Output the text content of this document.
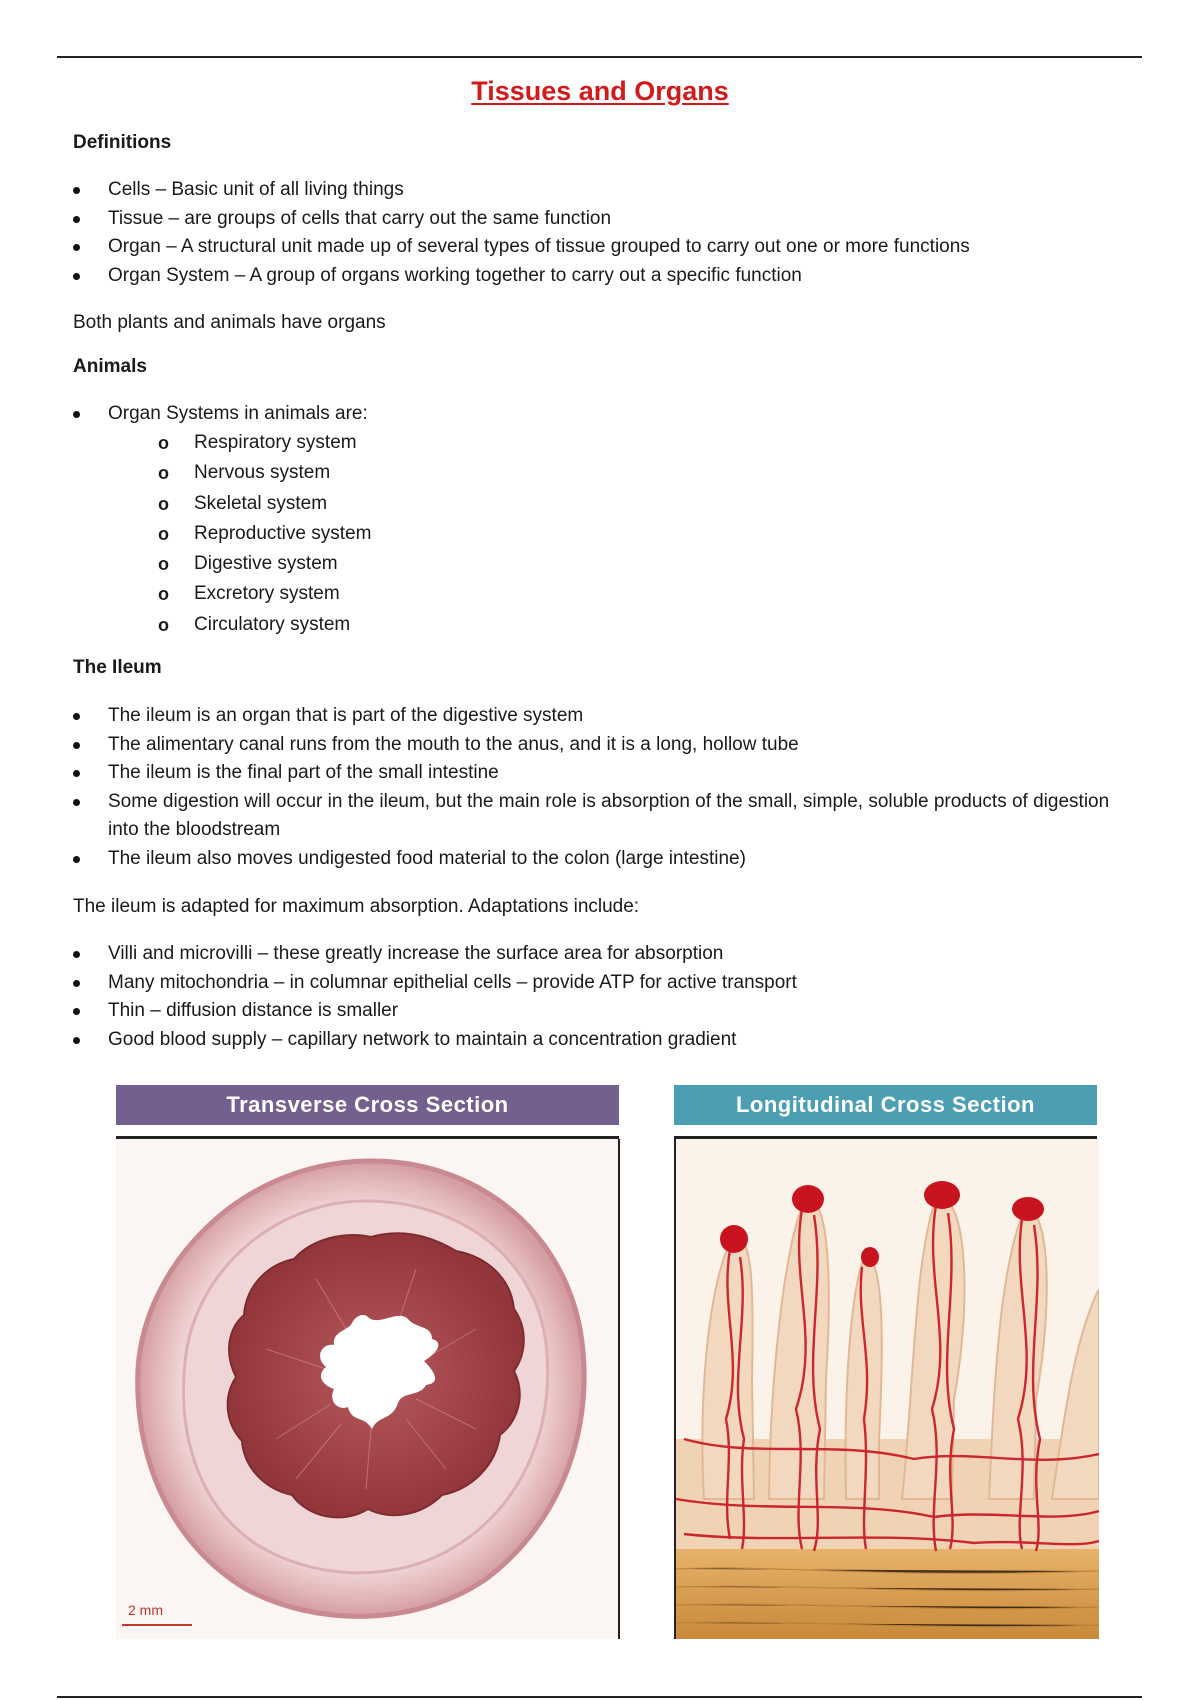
Tissues and Organs
Definitions
Cells – Basic unit of all living things
Tissue – are groups of cells that carry out the same function
Organ – A structural unit made up of several types of tissue grouped to carry out one or more functions
Organ System – A group of organs working together to carry out a specific function
Both plants and animals have organs
Animals
Organ Systems in animals are:
o Respiratory system
o Nervous system
o Skeletal system
o Reproductive system
o Digestive system
o Excretory system
o Circulatory system
The Ileum
The ileum is an organ that is part of the digestive system
The alimentary canal runs from the mouth to the anus, and it is a long, hollow tube
The ileum is the final part of the small intestine
Some digestion will occur in the ileum, but the main role is absorption of the small, simple, soluble products of digestion into the bloodstream
The ileum also moves undigested food material to the colon (large intestine)
The ileum is adapted for maximum absorption. Adaptations include:
Villi and microvilli – these greatly increase the surface area for absorption
Many mitochondria – in columnar epithelial cells – provide ATP for active transport
Thin – diffusion distance is smaller
Good blood supply – capillary network to maintain a concentration gradient
Transverse Cross Section	Longitudinal Cross Section
2 mm
